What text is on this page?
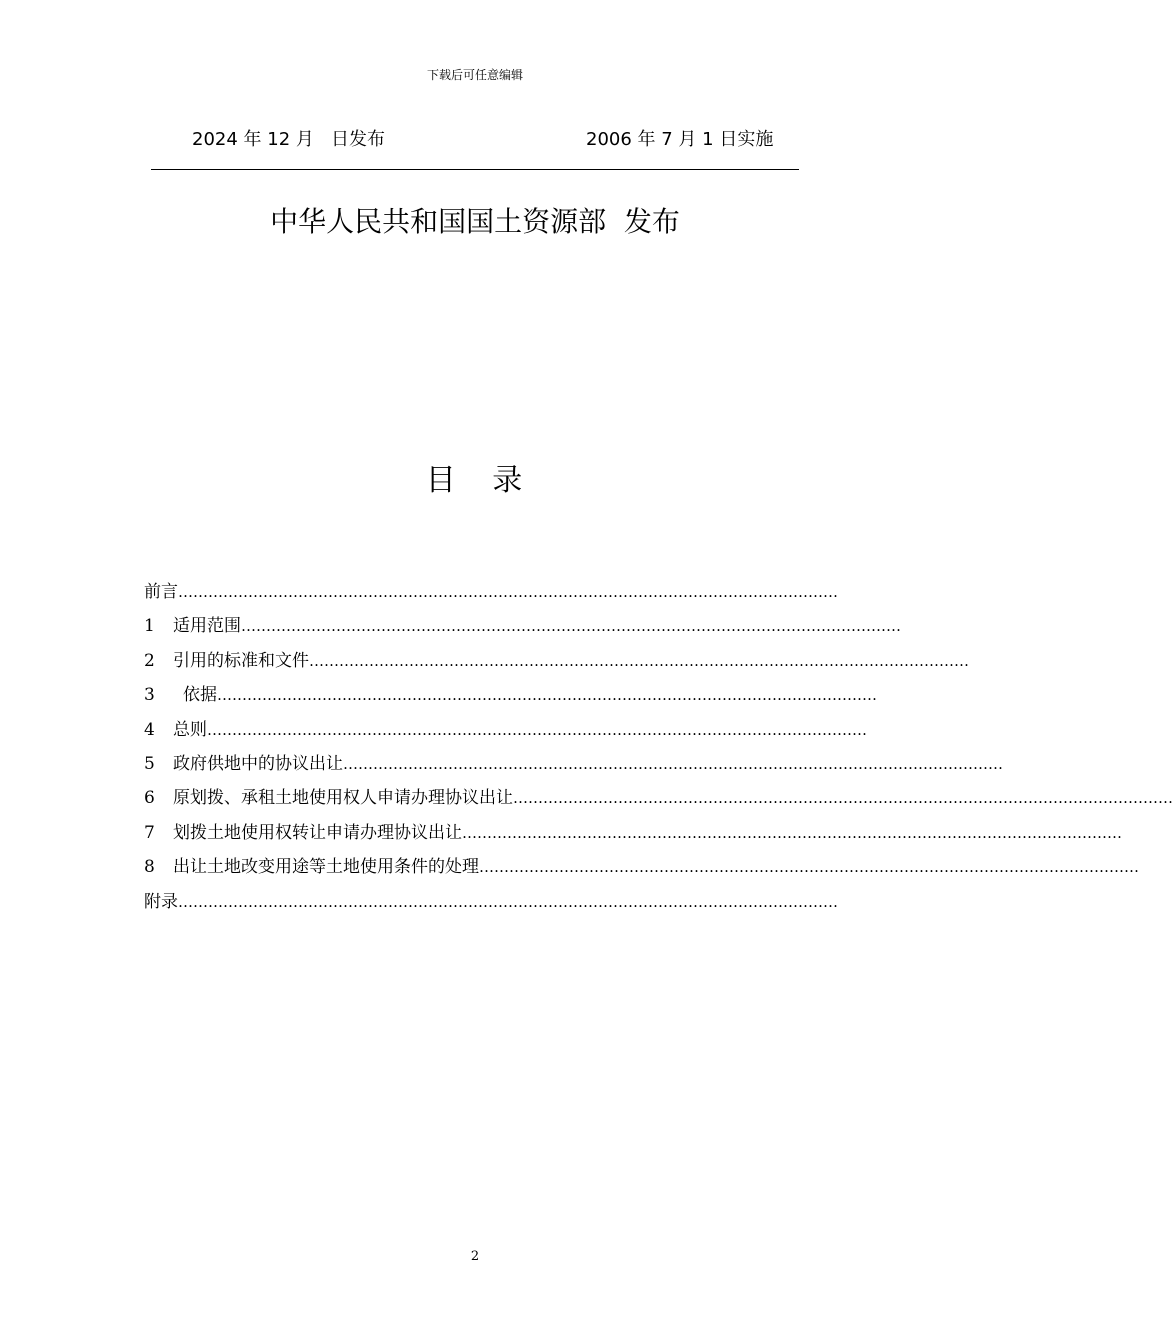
下载后可任意编辑
2024 年 12 月   日发布	2006 年 7 月 1 日实施
中华人民共和国国土资源部  发布
目   录
前言 ……………………………………………………………………………………………………………………
1	适用范围 ……………………………………………………………………………………………………………………
2	引用的标准和文件 ……………………………………………………………………………………………………………………
3	依据 ……………………………………………………………………………………………………………………
4	总则 ……………………………………………………………………………………………………………………
5	政府供地中的协议出让 ……………………………………………………………………………………………………………………
6	原划拨、承租土地使用权人申请办理协议出让 ……………………………………………………………………………………………………………………
7	划拨土地使用权转让申请办理协议出让 ……………………………………………………………………………………………………………………
8	出让土地改变用途等土地使用条件的处理 ……………………………………………………………………………………………………………………
附录 ……………………………………………………………………………………………………………………
2
